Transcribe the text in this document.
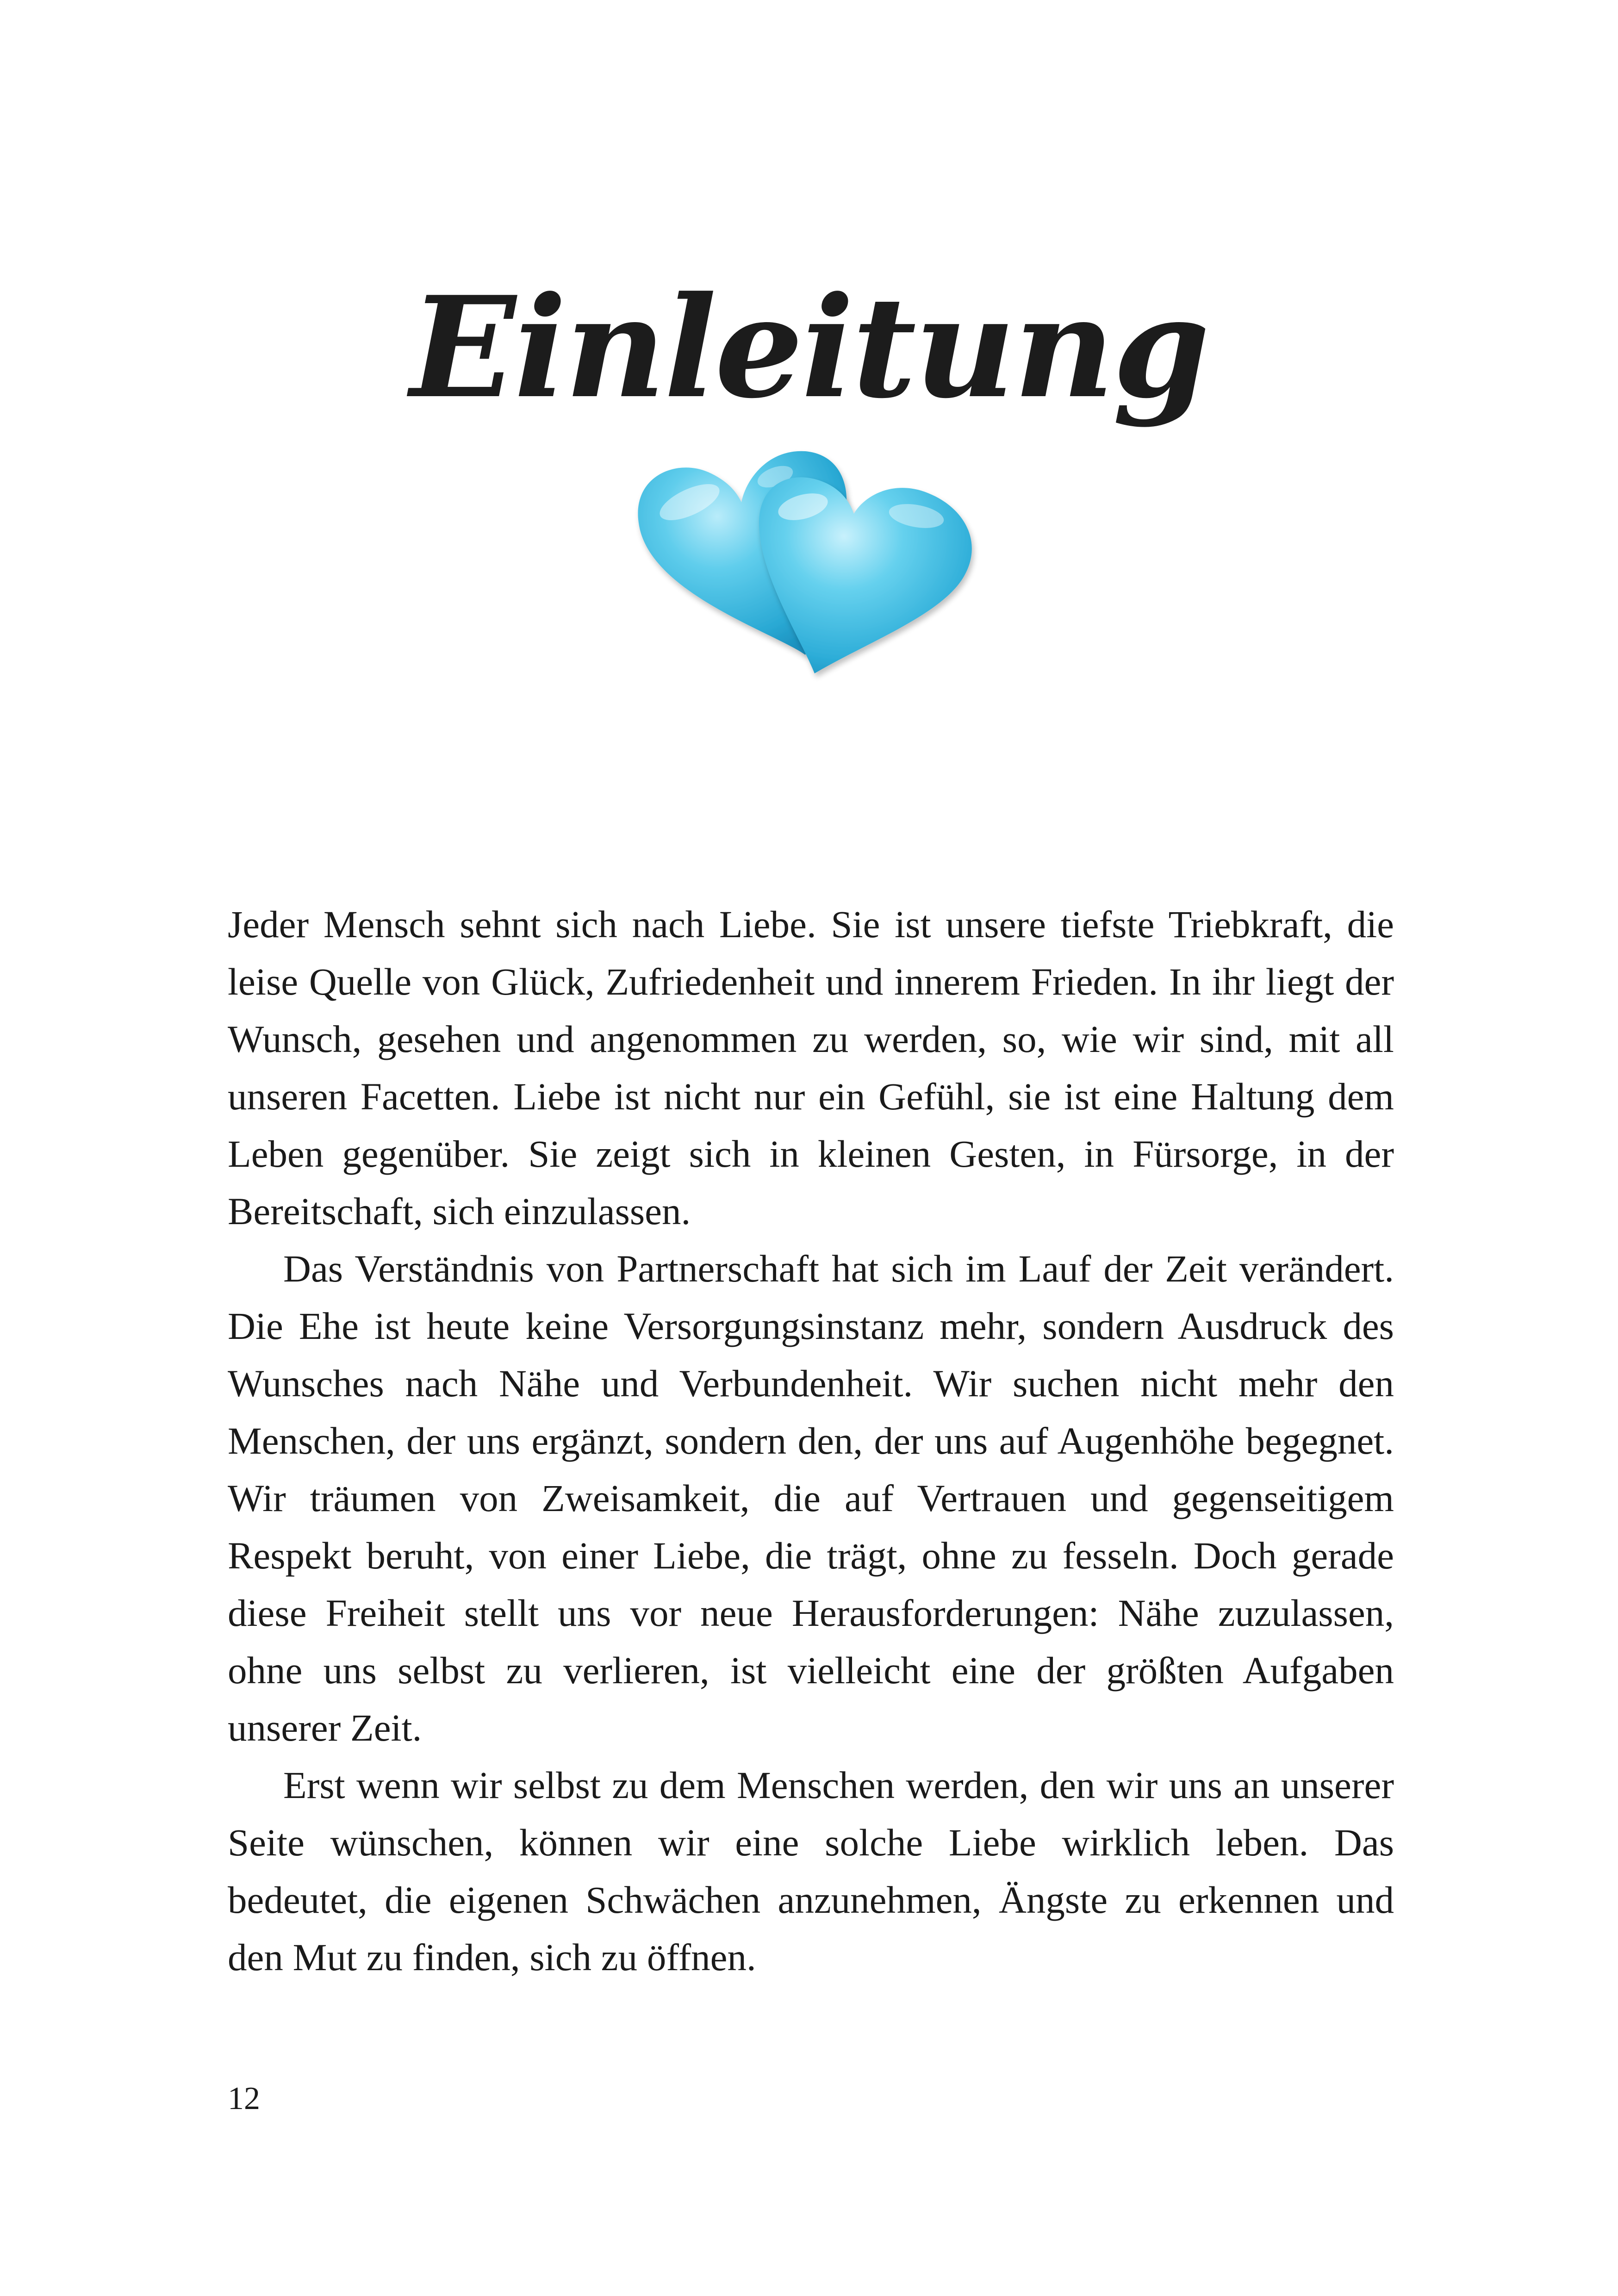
Einleitung

Jeder Mensch sehnt sich nach Liebe. Sie ist unsere tiefste Triebkraft, die leise Quelle von Glück, Zufriedenheit und innerem Frieden. In ihr liegt der Wunsch, gesehen und angenommen zu werden, so, wie wir sind, mit all unseren Facetten. Liebe ist nicht nur ein Gefühl, sie ist eine Haltung dem Leben gegenüber. Sie zeigt sich in kleinen Gesten, in Fürsorge, in der Bereitschaft, sich einzulassen.

Das Verständnis von Partnerschaft hat sich im Lauf der Zeit verändert. Die Ehe ist heute keine Versorgungsinstanz mehr, sondern Ausdruck des Wunsches nach Nähe und Verbundenheit. Wir suchen nicht mehr den Menschen, der uns ergänzt, sondern den, der uns auf Augenhöhe begegnet. Wir träumen von Zweisamkeit, die auf Vertrauen und gegenseitigem Respekt beruht, von einer Liebe, die trägt, ohne zu fesseln. Doch gerade diese Freiheit stellt uns vor neue Herausforderungen: Nähe zuzulassen, ohne uns selbst zu verlieren, ist vielleicht eine der größten Aufgaben unserer Zeit.

Erst wenn wir selbst zu dem Menschen werden, den wir uns an unserer Seite wünschen, können wir eine solche Liebe wirklich leben. Das bedeutet, die eigenen Schwächen anzunehmen, Ängste zu erkennen und den Mut zu finden, sich zu öffnen.

12
